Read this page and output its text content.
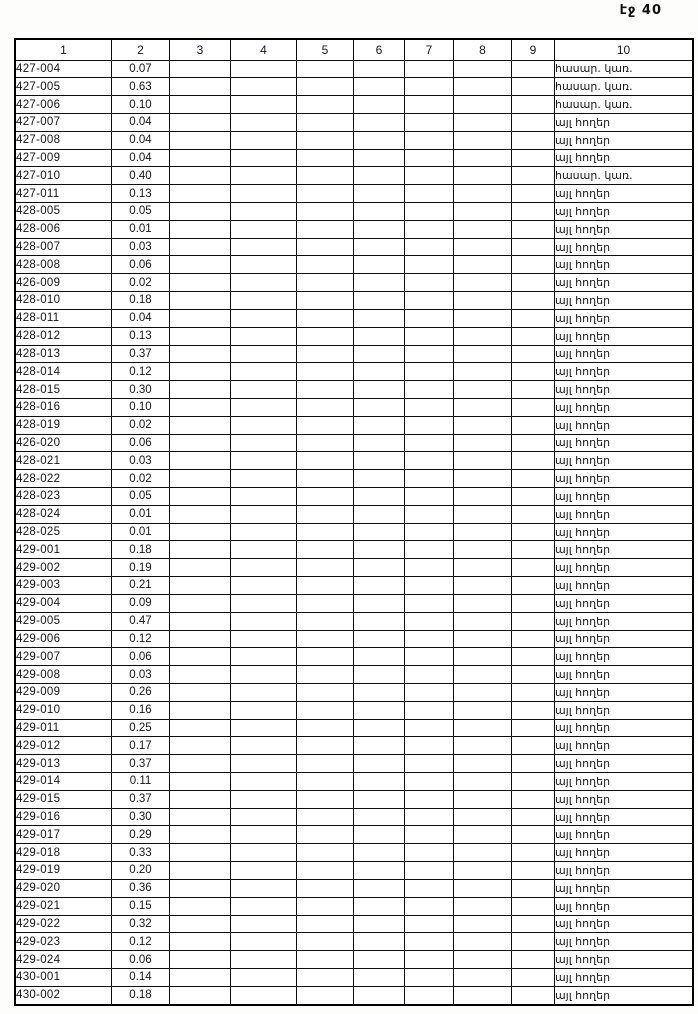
էջ 40
1	2	3	4	5	6	7	8	9	10
427-004	0.07								հասար. կառ.
427-005	0.63								հասար. կառ.
427-006	0.10								հասար. կառ.
427-007	0.04								այլ հողեր
427-008	0.04								այլ հողեր
427-009	0.04								այլ հողեր
427-010	0.40								հասար. կառ.
427-011	0.13								այլ հողեր
428-005	0.05								այլ հողեր
428-006	0.01								այլ հողեր
428-007	0.03								այլ հողեր
428-008	0.06								այլ հողեր
426-009	0.02								այլ հողեր
428-010	0.18								այլ հողեր
428-011	0.04								այլ հողեր
428-012	0.13								այլ հողեր
428-013	0.37								այլ հողեր
428-014	0.12								այլ հողեր
428-015	0.30								այլ հողեր
428-016	0.10								այլ հողեր
428-019	0.02								այլ հողեր
426-020	0.06								այլ հողեր
428-021	0.03								այլ հողեր
428-022	0.02								այլ հողեր
428-023	0.05								այլ հողեր
428-024	0.01								այլ հողեր
428-025	0.01								այլ հողեր
429-001	0.18								այլ հողեր
429-002	0.19								այլ հողեր
429-003	0.21								այլ հողեր
429-004	0.09								այլ հողեր
429-005	0.47								այլ հողեր
429-006	0.12								այլ հողեր
429-007	0.06								այլ հողեր
429-008	0.03								այլ հողեր
429-009	0.26								այլ հողեր
429-010	0.16								այլ հողեր
429-011	0.25								այլ հողեր
429-012	0.17								այլ հողեր
429-013	0.37								այլ հողեր
429-014	0.11								այլ հողեր
429-015	0.37								այլ հողեր
429-016	0.30								այլ հողեր
429-017	0.29								այլ հողեր
429-018	0.33								այլ հողեր
429-019	0.20								այլ հողեր
429-020	0.36								այլ հողեր
429-021	0.15								այլ հողեր
429-022	0.32								այլ հողեր
429-023	0.12								այլ հողեր
429-024	0.06								այլ հողեր
430-001	0.14								այլ հողեր
430-002	0.18								այլ հողեր
